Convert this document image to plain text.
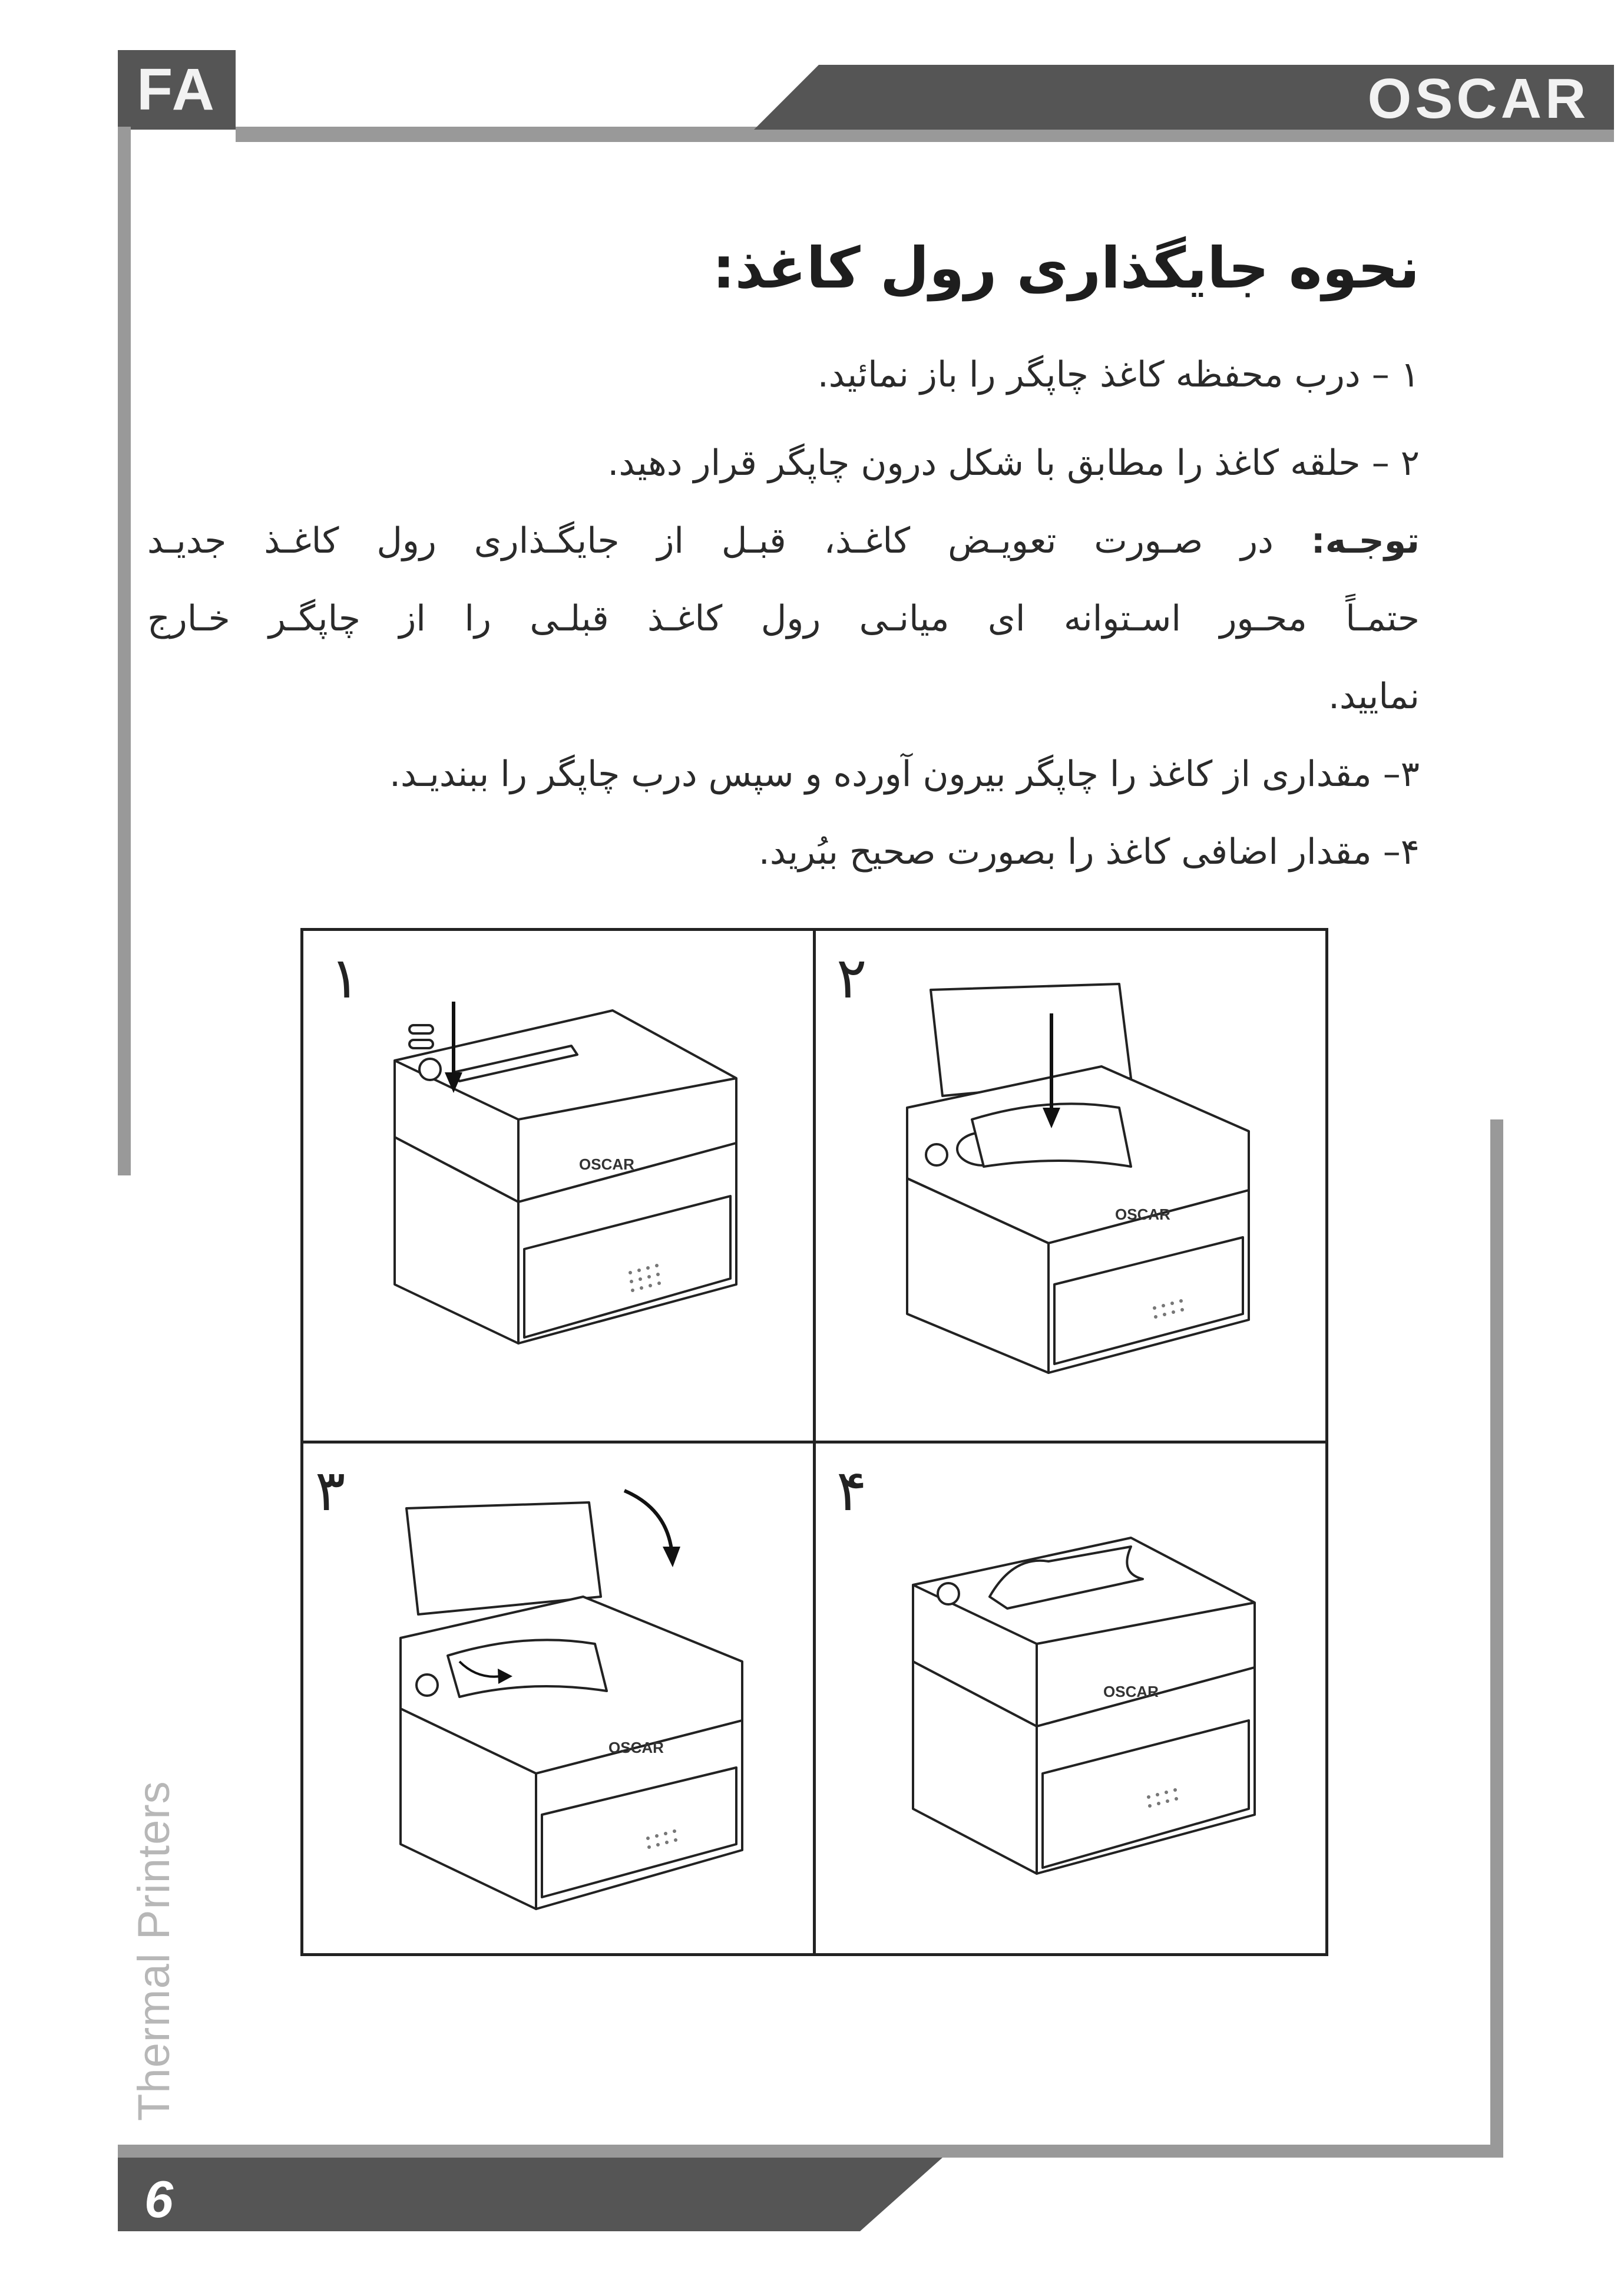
FA	OSCAR
6
Thermal Printers

نحوه جایگذاری رول کاغذ:

۱ – درب محفظه کاغذ چاپگر را باز نمائید.

۲ – حلقه کاغذ را مطابق با شکل درون چاپگر قرار دهید.

توجـه: در صـورت تعویـض کاغـذ، قبـل از جایگـذاری رول کاغـذ جدیـد

حتمـاً محـور اسـتوانه ای میانـی رول کاغـذ قبلـی را از چاپگـر خـارج

نمایید.

۳– مقداری از کاغذ را چاپگر بیرون آورده و سپس درب چاپگر را ببندیـد.

۴– مقدار اضافی کاغذ را بصورت صحیح ببُرید.

۱	۲
۳	۴
OSCAR
OSCAR
OSCAR
OSCAR
